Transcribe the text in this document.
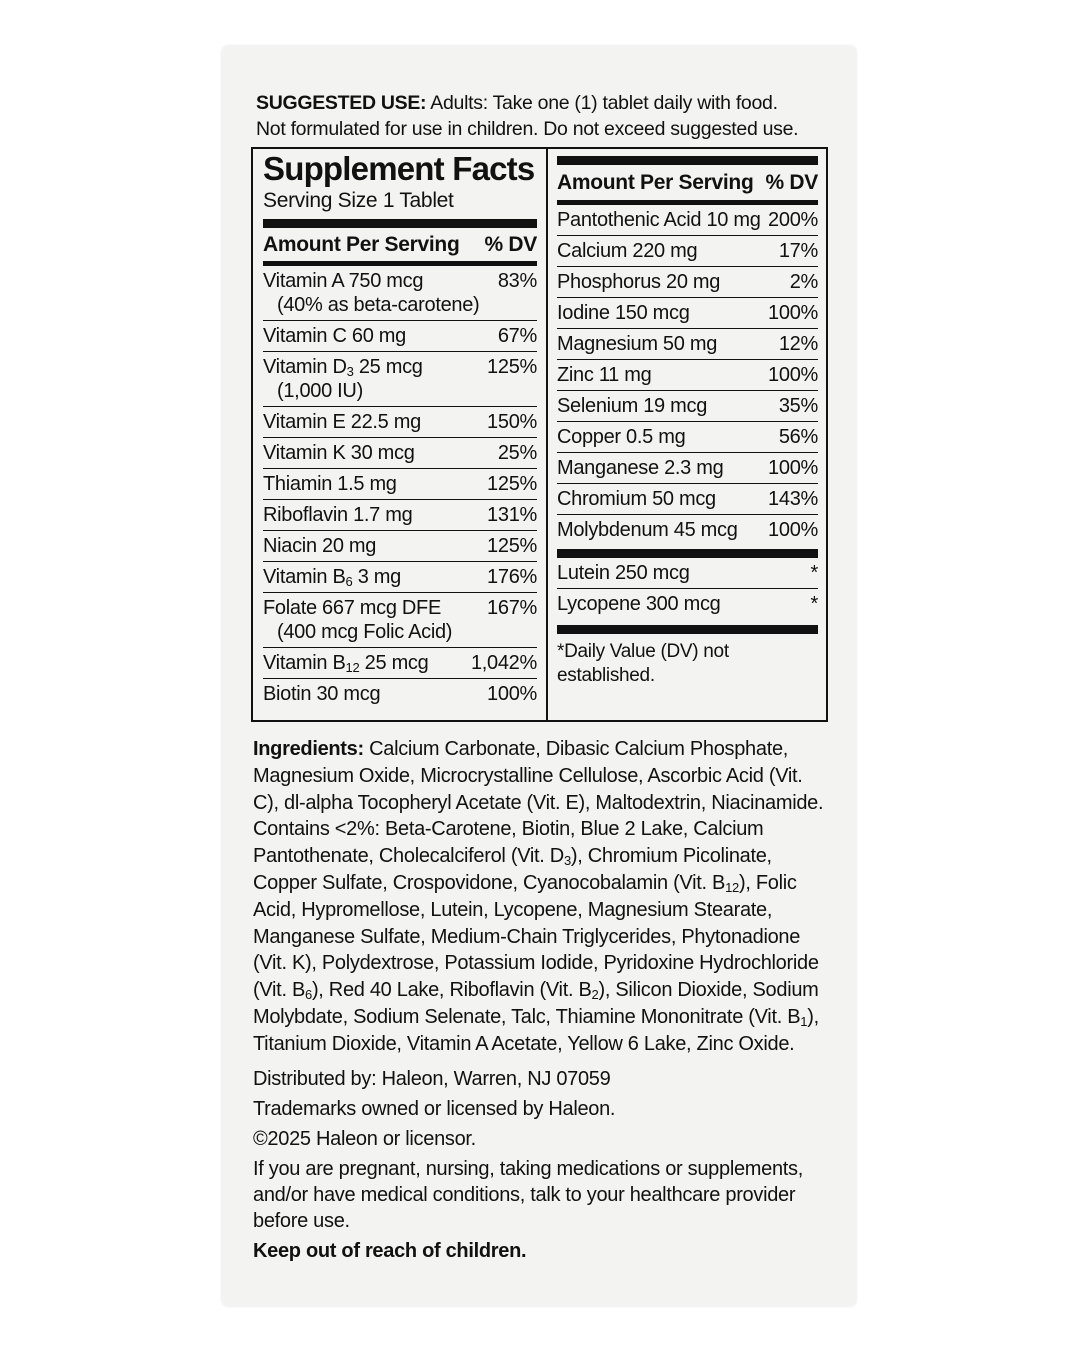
SUGGESTED USE: Adults: Take one (1) tablet daily with food.
Not formulated for use in children. Do not exceed suggested use.
Supplement Facts
Serving Size 1 Tablet
Amount Per Serving % DV
Vitamin A 750 mcg	83%
(40% as beta-carotene)
Vitamin C 60 mg	67%
Vitamin $D_3$ 25 mcg	125%
(1,000 IU)
Vitamin E 22.5 mg	150%
Vitamin K 30 mcg	25%
Thiamin 1.5 mg	125%
Riboflavin 1.7 mg	131%
Niacin 20 mg	125%
Vitamin $B_6$ 3 mg	176%
Folate 667 mcg DFE 167%
(400 mcg Folic Acid)
Vitamin $B_{12}$ 25 mcg 1,042%
Biotin 30 mcg	100%
Amount Per Serving % DV
Pantothenic Acid 10 mg 200%
Calcium 220 mg	17%
Phosphorus 20 mg	2%
Iodine 150 mcg	100%
Magnesium 50 mg	12%
Zinc 11 mg	100%
Selenium 19 mcg	35%
Copper 0.5 mg	56%
Manganese 2.3 mg 100%
Chromium 50 mcg	143%
Molybdenum 45 mcg 100%
Lutein 250 mcg	*
Lycopene 300 mcg	*
*Daily Value (DV) not established.
Ingredients: Calcium Carbonate, Dibasic Calcium Phosphate,
Magnesium Oxide, Microcrystalline Cellulose, Ascorbic Acid (Vit.
C), dl-alpha Tocopheryl Acetate (Vit. E), Maltodextrin, Niacinamide.
Contains <2%: Beta-Carotene, Biotin, Blue 2 Lake, Calcium
Pantothenate, Cholecalciferol (Vit. $D_3$), Chromium Picolinate,
Copper Sulfate, Crospovidone, Cyanocobalamin (Vit. $B_{12}$), Folic
Acid, Hypromellose, Lutein, Lycopene, Magnesium Stearate,
Manganese Sulfate, Medium-Chain Triglycerides, Phytonadione
(Vit. K), Polydextrose, Potassium Iodide, Pyridoxine Hydrochloride
(Vit. $B_6$), Red 40 Lake, Riboflavin (Vit. $B_2$), Silicon Dioxide, Sodium
Molybdate, Sodium Selenate, Talc, Thiamine Mononitrate (Vit. $B_1$),
Titanium Dioxide, Vitamin A Acetate, Yellow 6 Lake, Zinc Oxide.
Distributed by: Haleon, Warren, NJ 07059
Trademarks owned or licensed by Haleon.
©2025 Haleon or licensor.
If you are pregnant, nursing, taking medications or supplements,
and/or have medical conditions, talk to your healthcare provider
before use.
Keep out of reach of children.
